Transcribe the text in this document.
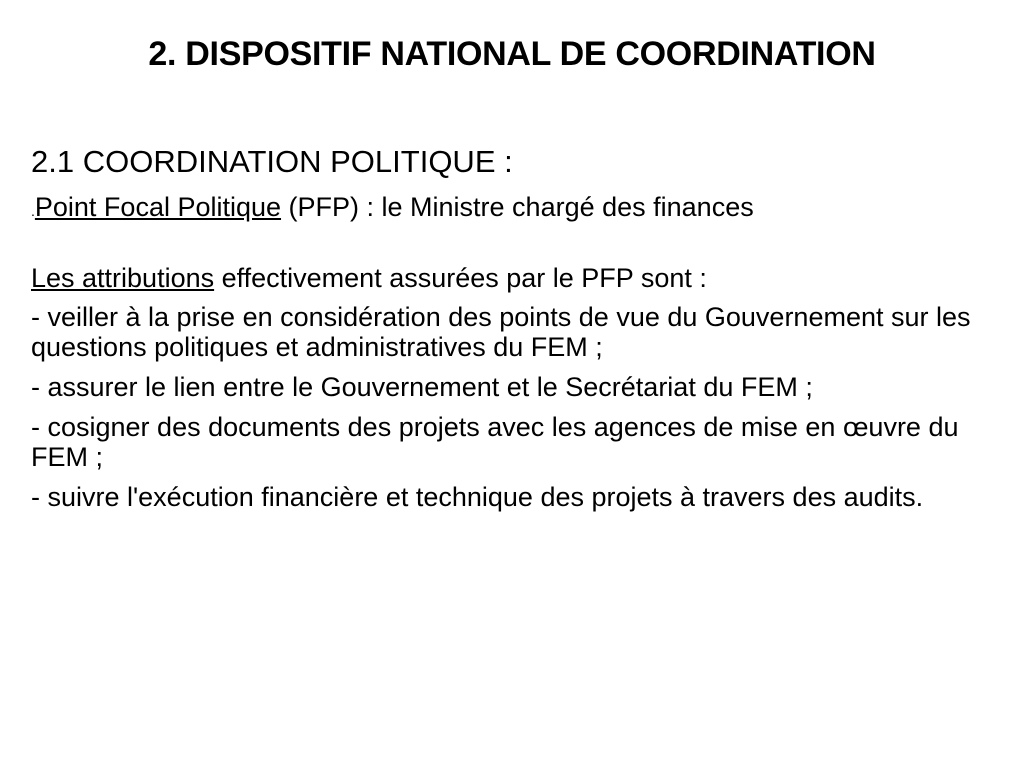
2. DISPOSITIF NATIONAL DE COORDINATION

2.1 COORDINATION POLITIQUE :

.Point Focal Politique (PFP) : le Ministre chargé des finances

Les attributions effectivement assurées par le PFP sont :

- veiller à la prise en considération des points de vue du Gouvernement sur les questions politiques et administratives du FEM ;

- assurer le lien entre le Gouvernement et le Secrétariat du FEM ;

- cosigner des documents des projets avec les agences de mise en œuvre du FEM ;

- suivre l'exécution financière et technique des projets à travers des audits.
